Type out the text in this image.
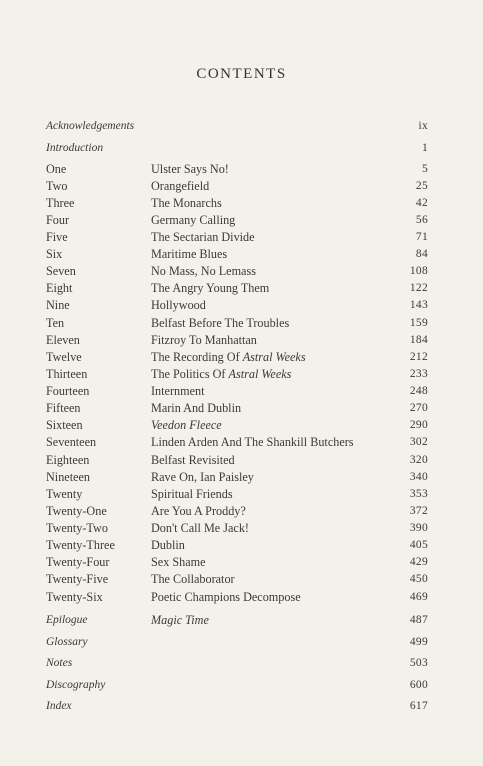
CONTENTS
Acknowledgements	ix
Introduction	1
One	Ulster Says No!	5
Two	Orangefield	25
Three	The Monarchs	42
Four	Germany Calling	56
Five	The Sectarian Divide	71
Six	Maritime Blues	84
Seven	No Mass, No Lemass	108
Eight	The Angry Young Them	122
Nine	Hollywood	143
Ten	Belfast Before The Troubles	159
Eleven	Fitzroy To Manhattan	184
Twelve	The Recording Of Astral Weeks	212
Thirteen	The Politics Of Astral Weeks	233
Fourteen	Internment	248
Fifteen	Marin And Dublin	270
Sixteen	Veedon Fleece	290
Seventeen	Linden Arden And The Shankill Butchers	302
Eighteen	Belfast Revisited	320
Nineteen	Rave On, Ian Paisley	340
Twenty	Spiritual Friends	353
Twenty-One	Are You A Proddy?	372
Twenty-Two	Don't Call Me Jack!	390
Twenty-Three	Dublin	405
Twenty-Four	Sex Shame	429
Twenty-Five	The Collaborator	450
Twenty-Six	Poetic Champions Decompose	469
Epilogue	Magic Time	487
Glossary	499
Notes	503
Discography	600
Index	617
